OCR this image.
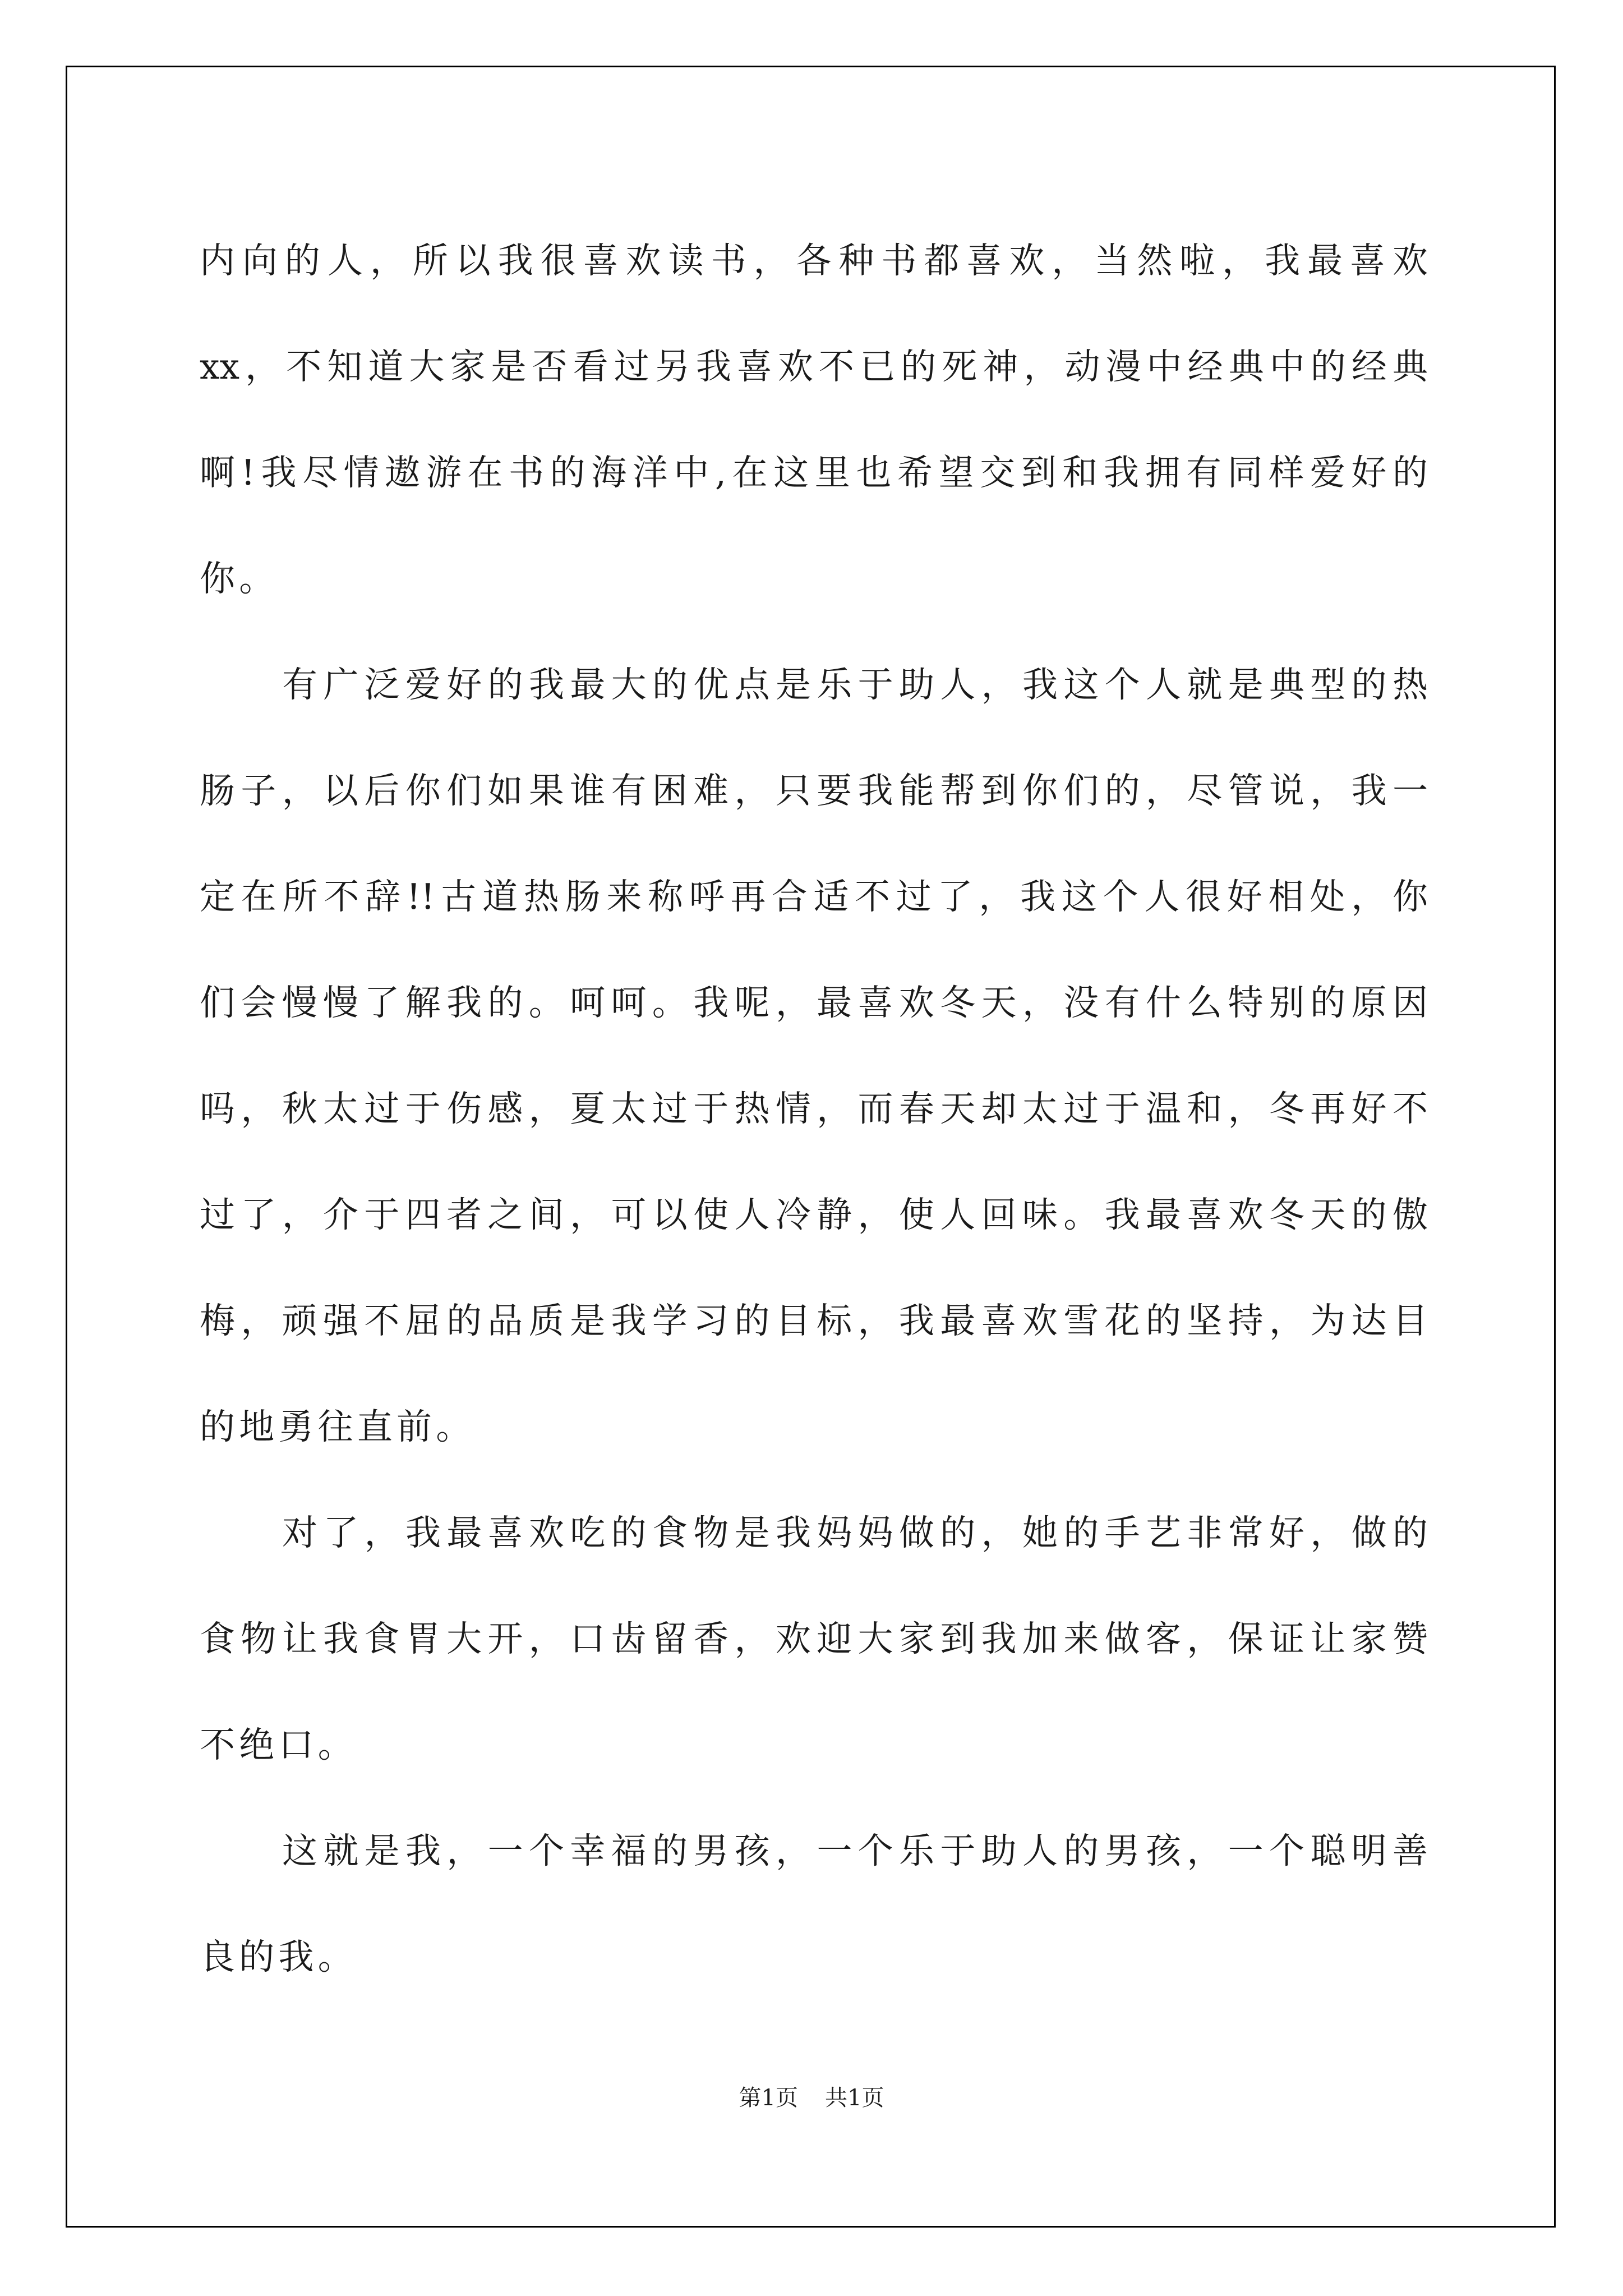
内向的人，所以我很喜欢读书，各种书都喜欢，当然啦，我最喜欢
xx，不知道大家是否看过另我喜欢不已的死神，动漫中经典中的经典
啊!我尽情遨游在书的海洋中,在这里也希望交到和我拥有同样爱好的
你。
有广泛爱好的我最大的优点是乐于助人，我这个人就是典型的热
肠子，以后你们如果谁有困难，只要我能帮到你们的，尽管说，我一
定在所不辞!!古道热肠来称呼再合适不过了，我这个人很好相处，你
们会慢慢了解我的。呵呵。我呢，最喜欢冬天，没有什么特别的原因
吗，秋太过于伤感，夏太过于热情，而春天却太过于温和，冬再好不
过了，介于四者之间，可以使人冷静，使人回味。我最喜欢冬天的傲
梅，顽强不屈的品质是我学习的目标，我最喜欢雪花的坚持，为达目
的地勇往直前。
对了，我最喜欢吃的食物是我妈妈做的，她的手艺非常好，做的
食物让我食胃大开，口齿留香，欢迎大家到我加来做客，保证让家赞
不绝口。
这就是我，一个幸福的男孩，一个乐于助人的男孩，一个聪明善
良的我。
第1页 共1页
